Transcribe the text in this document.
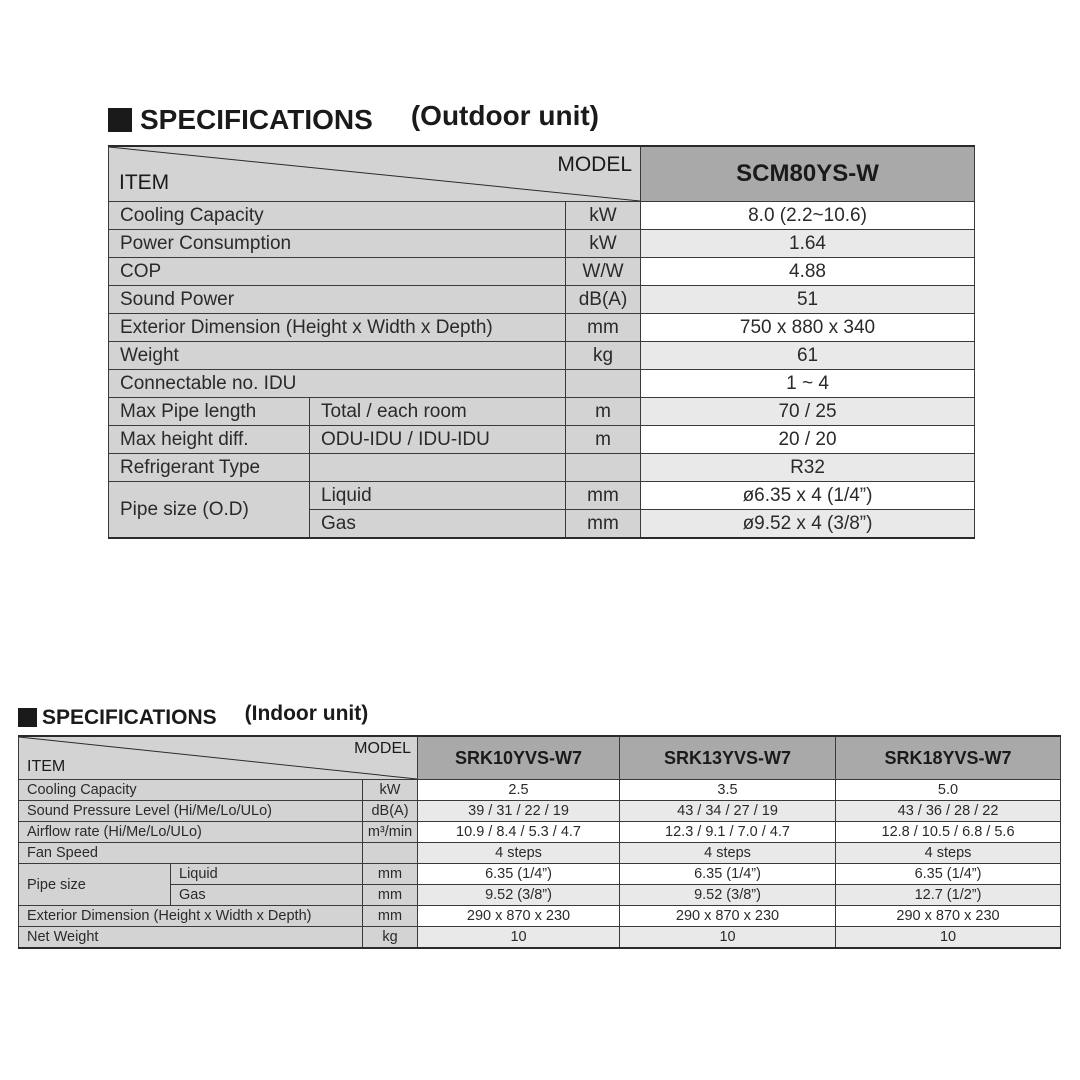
SPECIFICATIONS (Outdoor unit)
ITEM
MODEL			SCM80YS-W
Cooling Capacity		kW	8.0 (2.2~10.6)
Power Consumption		kW	1.64
COP		W/W	4.88
Sound Power		dB(A)	51
Exterior Dimension (Height x Width x Depth)		mm	750 x 880 x 340
Weight		kg	61
Connectable no. IDU			1 ~ 4
Max Pipe length	Total / each room	m	70 / 25
Max height diff.	ODU-IDU / IDU-IDU	m	20 / 20
Refrigerant Type			R32
Pipe size (O.D)	Liquid	mm	ø6.35 x 4 (1/4”)
	Gas	mm	ø9.52 x 4 (3/8”)
SPECIFICATIONS (Indoor unit)
ITEM
MODEL			SRK10YVS-W7	SRK13YVS-W7	SRK18YVS-W7
Cooling Capacity		kW	2.5	3.5	5.0
Sound Pressure Level (Hi/Me/Lo/ULo)		dB(A)	39 / 31 / 22 / 19	43 / 34 / 27 / 19	43 / 36 / 28 / 22
Airflow rate (Hi/Me/Lo/ULo)		m³/min	10.9 / 8.4 / 5.3 / 4.7	12.3 / 9.1 / 7.0 / 4.7	12.8 / 10.5 / 6.8 / 5.6
Fan Speed			4 steps	4 steps	4 steps
Pipe size	Liquid	mm	6.35 (1/4”)	6.35 (1/4”)	6.35 (1/4”)
	Gas	mm	9.52 (3/8”)	9.52 (3/8”)	12.7 (1/2”)
Exterior Dimension (Height x Width x Depth)		mm	290 x 870 x 230	290 x 870 x 230	290 x 870 x 230
Net Weight		kg	10	10	10
